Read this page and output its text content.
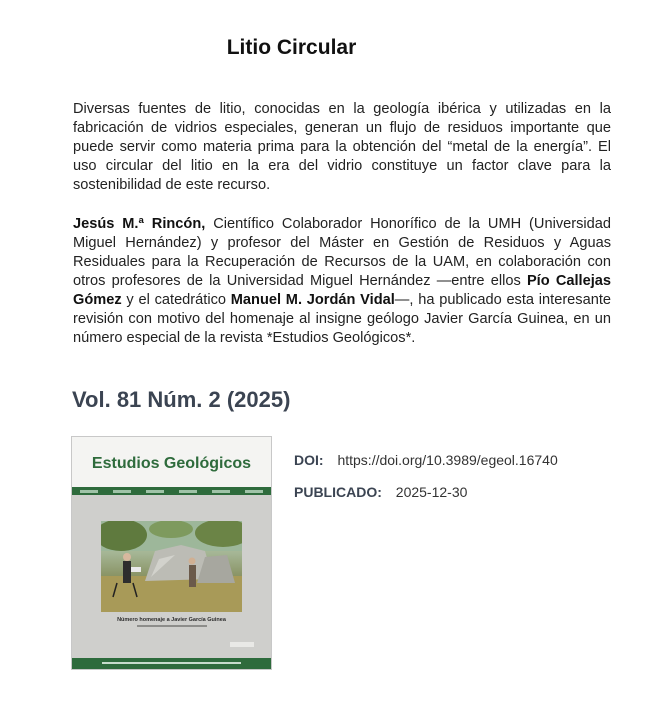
Litio Circular

Diversas fuentes de litio, conocidas en la geología ibérica y utilizadas en la fabricación de vidrios especiales, generan un flujo de residuos importante que puede servir como materia prima para la obtención del “metal de la energía”. El uso circular del litio en la era del vidrio constituye un factor clave para la sostenibilidad de este recurso.

Jesús M.ª Rincón, Científico Colaborador Honorífico de la UMH (Universidad Miguel Hernández) y profesor del Máster en Gestión de Residuos y Aguas Residuales para la Recuperación de Recursos de la UAM, en colaboración con otros profesores de la Universidad Miguel Hernández —entre ellos Pío Callejas Gómez y el catedrático Manuel M. Jordán Vidal—, ha publicado esta interesante revisión con motivo del homenaje al insigne geólogo Javier García Guinea, en un número especial de la revista *Estudios Geológicos*.

Vol. 81 Núm. 2 (2025)
Estudios Geológicos
Número homenaje a Javier García Guinea
DOI: https://doi.org/10.3989/egeol.16740
PUBLICADO: 2025-12-30
